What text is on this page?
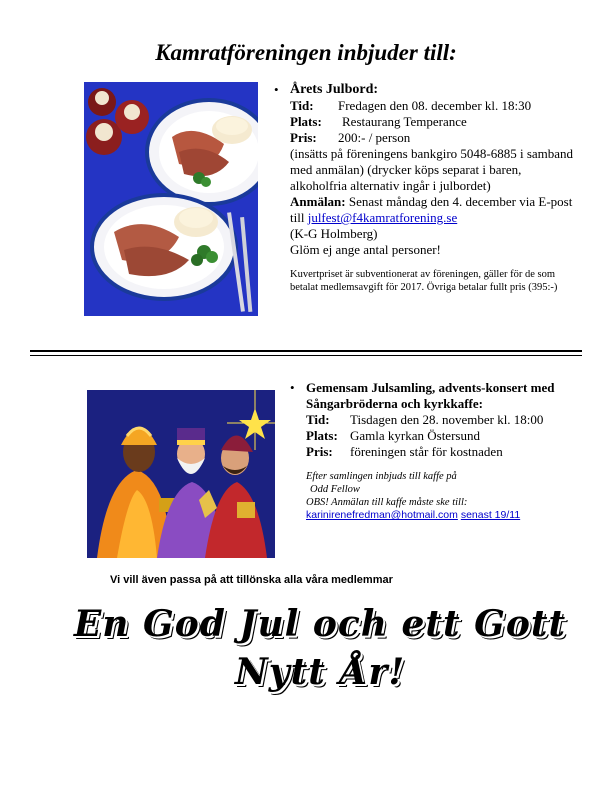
Kamratföreningen inbjuder till:
• Årets Julbord:
Tid:	Fredagen den 08. december kl. 18:30
Plats:	Restaurang Temperance
Pris:	200:- / person
(insätts på föreningens bankgiro 5048-6885 i samband med anmälan) (drycker köps separat i baren, alkoholfria alternativ ingår i julbordet)
Anmälan: Senast måndag den 4. december via E-post till julfest@f4kamratforening.se
(K-G Holmberg)
Glöm ej ange antal personer!
Kuvertpriset är subventionerat av föreningen, gäller för de som betalat medlemsavgift för 2017. Övriga betalar fullt pris (395:-)
• Gemensam Julsamling, advents-konsert med Sångarbröderna och kyrkkaffe:
Tid:	Tisdagen den 28. november kl. 18:00
Plats: Gamla kyrkan Östersund
Pris:	föreningen står för kostnaden
Efter samlingen inbjuds till kaffe på
Odd Fellow
OBS! Anmälan till kaffe måste ske till:
karinirenefredman@hotmail.com senast 19/11
Vi vill även passa på att tillönska alla våra medlemmar
En God Jul och ett Gott Nytt År!
